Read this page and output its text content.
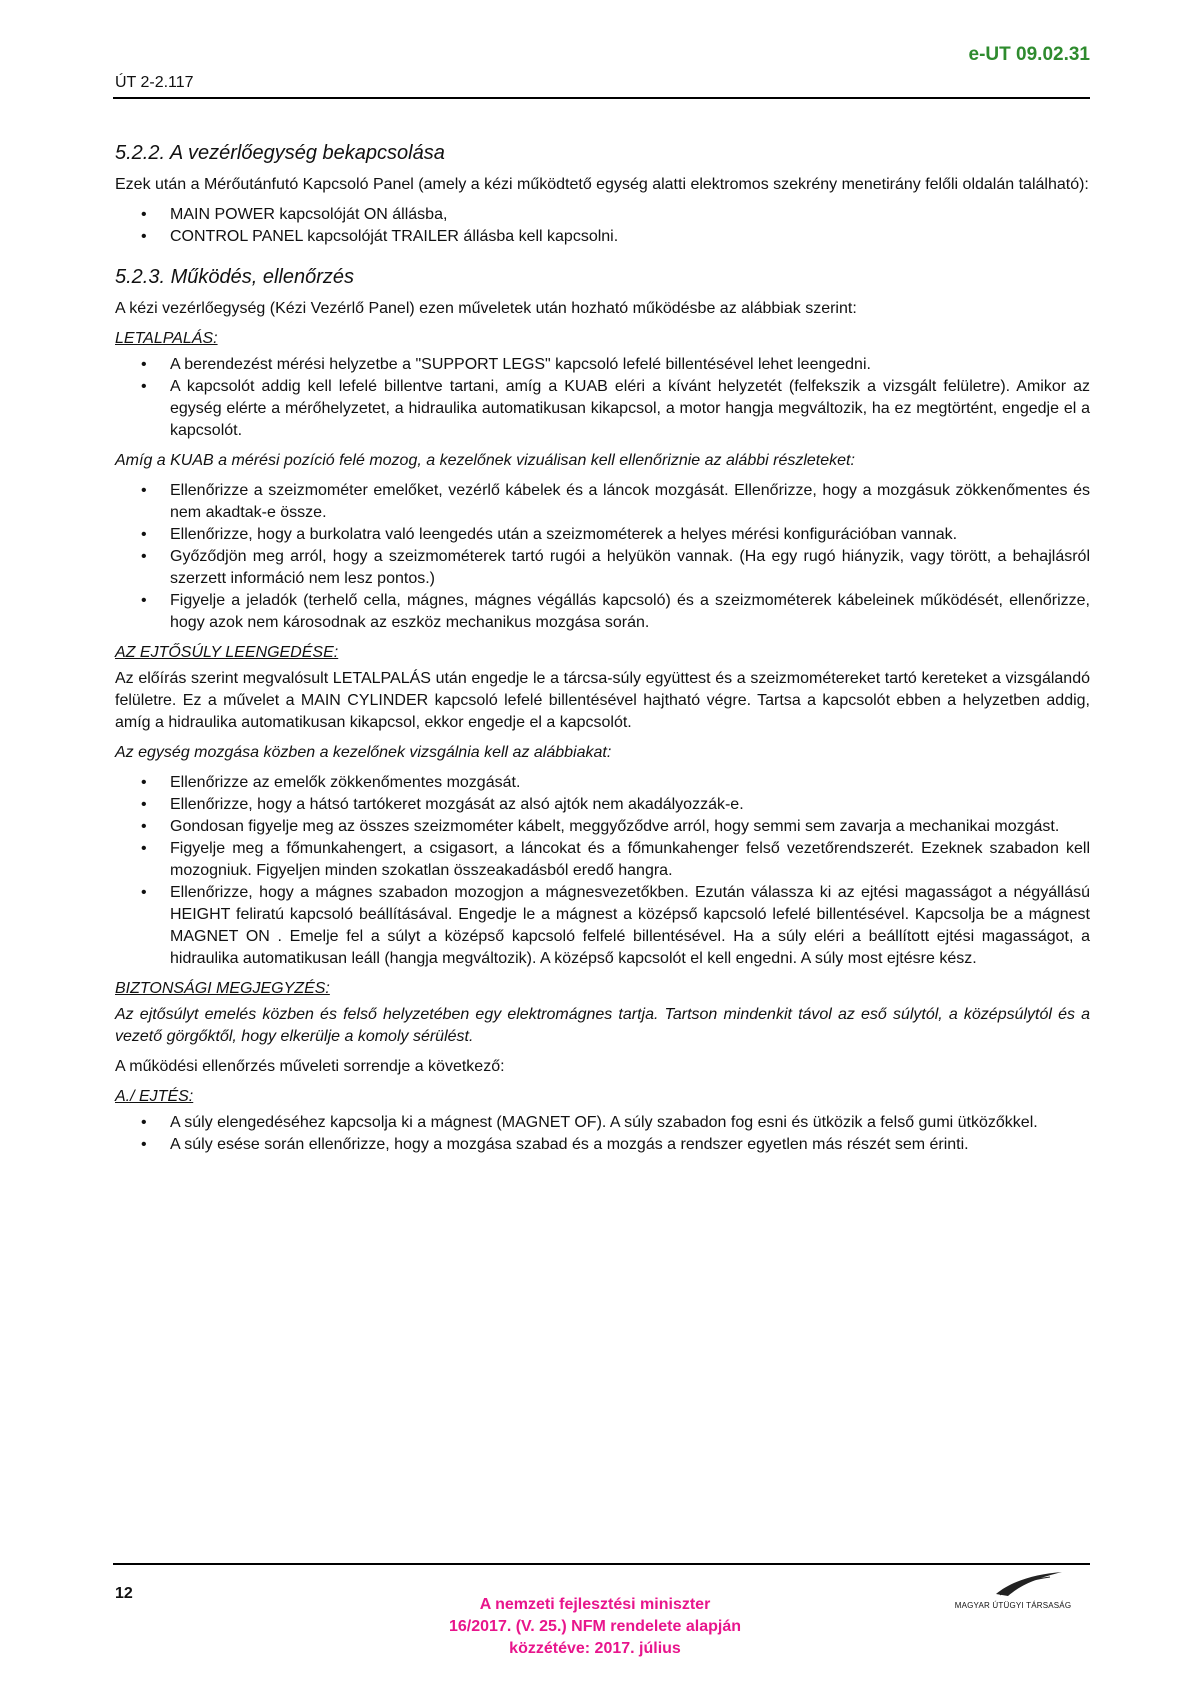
e-UT 09.02.31
ÚT 2-2.117
5.2.2. A vezérlőegység bekapcsolása

Ezek után a Mérőutánfutó Kapcsoló Panel (amely a kézi működtető egység alatti elektromos szekrény menetirány felőli oldalán található):

• MAIN POWER kapcsolóját ON állásba,
• CONTROL PANEL kapcsolóját TRAILER állásba kell kapcsolni.
5.2.3. Működés, ellenőrzés

A kézi vezérlőegység (Kézi Vezérlő Panel) ezen műveletek után hozható működésbe az alábbiak szerint:

LETALPALÁS:
• A berendezést mérési helyzetbe a "SUPPORT LEGS" kapcsoló lefelé billentésével lehet leengedni.
• A kapcsolót addig kell lefelé billentve tartani, amíg a KUAB eléri a kívánt helyzetét (felfekszik a vizsgált felületre). Amikor az egység elérte a mérőhelyzetet, a hidraulika automatikusan kikapcsol, a motor hangja megváltozik, ha ez megtörtént, engedje el a kapcsolót.
Amíg a KUAB a mérési pozíció felé mozog, a kezelőnek vizuálisan kell ellenőriznie az alábbi részleteket:
• Ellenőrizze a szeizmométer emelőket, vezérlő kábelek és a láncok mozgását. Ellenőrizze, hogy a mozgásuk zökkenőmentes és nem akadtak-e össze.
• Ellenőrizze, hogy a burkolatra való leengedés után a szeizmométerek a helyes mérési konfigurációban vannak.
• Győződjön meg arról, hogy a szeizmométerek tartó rugói a helyükön vannak. (Ha egy rugó hiányzik, vagy törött, a behajlásról szerzett információ nem lesz pontos.)
• Figyelje a jeladók (terhelő cella, mágnes, mágnes végállás kapcsoló) és a szeizmométerek kábeleinek működését, ellenőrizze, hogy azok nem károsodnak az eszköz mechanikus mozgása során.
AZ EJTŐSÚLY LEENGEDÉSE:

Az előírás szerint megvalósult LETALPALÁS után engedje le a tárcsa-súly együttest és a szeizmométereket tartó kereteket a vizsgálandó felületre. Ez a művelet a MAIN CYLINDER kapcsoló lefelé billentésével hajtható végre. Tartsa a kapcsolót ebben a helyzetben addig, amíg a hidraulika automatikusan kikapcsol, ekkor engedje el a kapcsolót.

Az egység mozgása közben a kezelőnek vizsgálnia kell az alábbiakat:
• Ellenőrizze az emelők zökkenőmentes mozgását.
• Ellenőrizze, hogy a hátsó tartókeret mozgását az alsó ajtók nem akadályozzák-e.
• Gondosan figyelje meg az összes szeizmométer kábelt, meggyőződve arról, hogy semmi sem zavarja a mechanikai mozgást.
• Figyelje meg a főmunkahengert, a csigasort, a láncokat és a főmunkahenger felső vezetőrendszerét. Ezeknek szabadon kell mozogniuk. Figyeljen minden szokatlan összeakadásból eredő hangra.
• Ellenőrizze, hogy a mágnes szabadon mozogjon a mágnesvezetőkben. Ezután válassza ki az ejtési magasságot a négyállású HEIGHT feliratú kapcsoló beállításával. Engedje le a mágnest a középső kapcsoló lefelé billentésével. Kapcsolja be a mágnest MAGNET ON . Emelje fel a súlyt a középső kapcsoló felfelé billentésével. Ha a súly eléri a beállított ejtési magasságot, a hidraulika automatikusan leáll (hangja megváltozik). A középső kapcsolót el kell engedni. A súly most ejtésre kész.
BIZTONSÁGI MEGJEGYZÉS:
Az ejtősúlyt emelés közben és felső helyzetében egy elektromágnes tartja. Tartson mindenkit távol az eső súlytól, a középsúlytól és a vezető görgőktől, hogy elkerülje a komoly sérülést.

A működési ellenőrzés műveleti sorrendje a következő:

A./ EJTÉS:
• A súly elengedéséhez kapcsolja ki a mágnest (MAGNET OF). A súly szabadon fog esni és ütközik a felső gumi ütközőkkel.
• A súly esése során ellenőrizze, hogy a mozgása szabad és a mozgás a rendszer egyetlen más részét sem érinti.
12
A nemzeti fejlesztési miniszter
16/2017. (V. 25.) NFM rendelete alapján
közzétéve: 2017. július
MAGYAR ÚTÜGYI TÁRSASÁG
